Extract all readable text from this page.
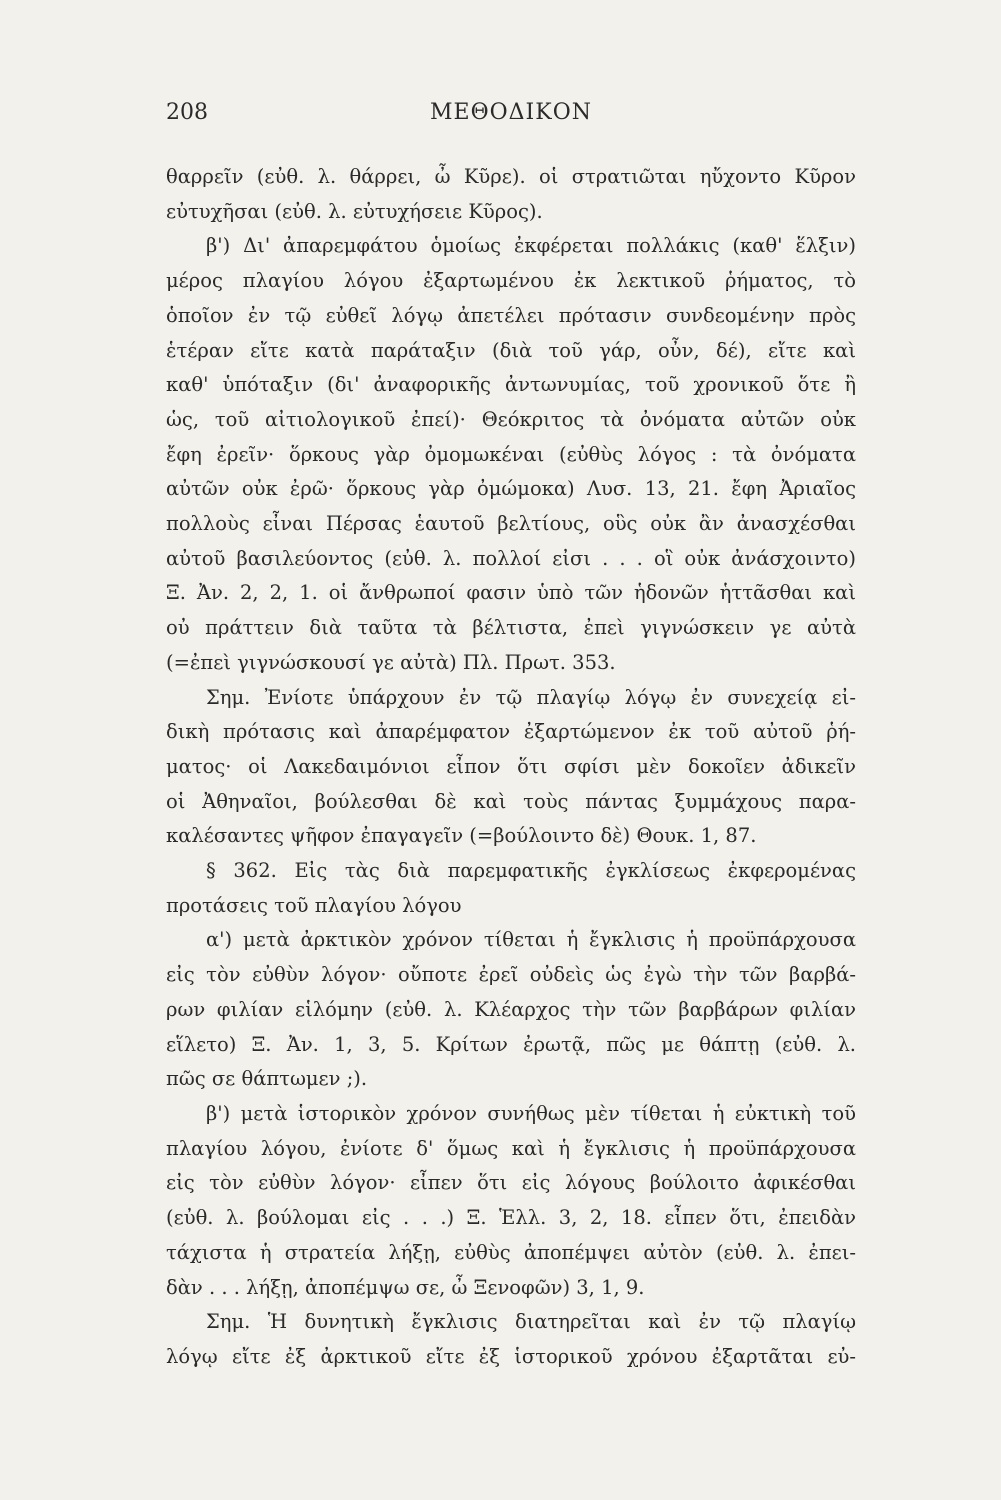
208	ΜΕΘΟΔΙΚΟΝ
θαρρεῖν (εὐθ. λ. θάρρει, ὦ Κῦρε). οἱ στρατιῶται ηὔχοντο Κῦρον
εὐτυχῆσαι (εὐθ. λ. εὐτυχήσειε Κῦρος).
β') Δι' ἀπαρεμφάτου ὁμοίως ἐκφέρεται πολλάκις (καθ' ἕλξιν)
μέρος πλαγίου λόγου ἐξαρτωμένου ἐκ λεκτικοῦ ῥήματος, τὸ
ὁποῖον ἐν τῷ εὐθεῖ λόγῳ ἀπετέλει πρότασιν συνδεομένην πρὸς
ἑτέραν εἴτε κατὰ παράταξιν (διὰ τοῦ γάρ, οὖν, δέ), εἴτε καὶ
καθ' ὑπόταξιν (δι' ἀναφορικῆς ἀντωνυμίας, τοῦ χρονικοῦ ὅτε ἢ
ὡς, τοῦ αἰτιολογικοῦ ἐπεί)· Θεόκριτος τὰ ὀνόματα αὐτῶν οὐκ
ἔφη ἐρεῖν· ὅρκους γὰρ ὀμομωκέναι (εὐθὺς λόγος : τὰ ὀνόματα
αὐτῶν οὐκ ἐρῶ· ὅρκους γὰρ ὀμώμοκα) Λυσ. 13, 21. ἔφη Ἀριαῖος
πολλοὺς εἶναι Πέρσας ἑαυτοῦ βελτίους, οὓς οὐκ ἂν ἀνασχέσθαι
αὐτοῦ βασιλεύοντος (εὐθ. λ. πολλοί εἰσι . . . οἳ οὐκ ἀνάσχοιντο)
Ξ. Ἀν. 2, 2, 1. οἱ ἄνθρωποί φασιν ὑπὸ τῶν ἡδονῶν ἡττᾶσθαι καὶ
οὐ πράττειν διὰ ταῦτα τὰ βέλτιστα, ἐπεὶ γιγνώσκειν γε αὐτὰ
(=ἐπεὶ γιγνώσκουσί γε αὐτὰ) Πλ. Πρωτ. 353.
Σημ. Ἐνίοτε ὑπάρχουν ἐν τῷ πλαγίῳ λόγῳ ἐν συνεχείᾳ εἰ-
δικὴ πρότασις καὶ ἀπαρέμφατον ἐξαρτώμενον ἐκ τοῦ αὐτοῦ ῥή-
ματος· οἱ Λακεδαιμόνιοι εἶπον ὅτι σφίσι μὲν δοκοῖεν ἀδικεῖν
οἱ Ἀθηναῖοι, βούλεσθαι δὲ καὶ τοὺς πάντας ξυμμάχους παρα-
καλέσαντες ψῆφον ἐπαγαγεῖν (=βούλοιντο δὲ) Θουκ. 1, 87.
§ 362. Εἰς τὰς διὰ παρεμφατικῆς ἐγκλίσεως ἐκφερομένας
προτάσεις τοῦ πλαγίου λόγου
α') μετὰ ἀρκτικὸν χρόνον τίθεται ἡ ἔγκλισις ἡ προϋπάρχουσα
εἰς τὸν εὐθὺν λόγον· οὔποτε ἐρεῖ οὐδεὶς ὡς ἐγὼ τὴν τῶν βαρβά-
ρων φιλίαν εἱλόμην (εὐθ. λ. Κλέαρχος τὴν τῶν βαρβάρων φιλίαν
εἵλετο) Ξ. Ἀν. 1, 3, 5. Κρίτων ἐρωτᾷ, πῶς με θάπτῃ (εὐθ. λ.
πῶς σε θάπτωμεν ;).
β') μετὰ ἱστορικὸν χρόνον συνήθως μὲν τίθεται ἡ εὐκτικὴ τοῦ
πλαγίου λόγου, ἐνίοτε δ' ὅμως καὶ ἡ ἔγκλισις ἡ προϋπάρχουσα
εἰς τὸν εὐθὺν λόγον· εἶπεν ὅτι εἰς λόγους βούλοιτο ἀφικέσθαι
(εὐθ. λ. βούλομαι εἰς . . .) Ξ. Ἑλλ. 3, 2, 18. εἶπεν ὅτι, ἐπειδὰν
τάχιστα ἡ στρατεία λήξῃ, εὐθὺς ἀποπέμψει αὐτὸν (εὐθ. λ. ἐπει-
δὰν . . . λήξῃ, ἀποπέμψω σε, ὦ Ξενοφῶν) 3, 1, 9.
Σημ. Ἡ δυνητικὴ ἔγκλισις διατηρεῖται καὶ ἐν τῷ πλαγίῳ
λόγῳ εἴτε ἐξ ἀρκτικοῦ εἴτε ἐξ ἱστορικοῦ χρόνου ἐξαρτᾶται εὐ-
